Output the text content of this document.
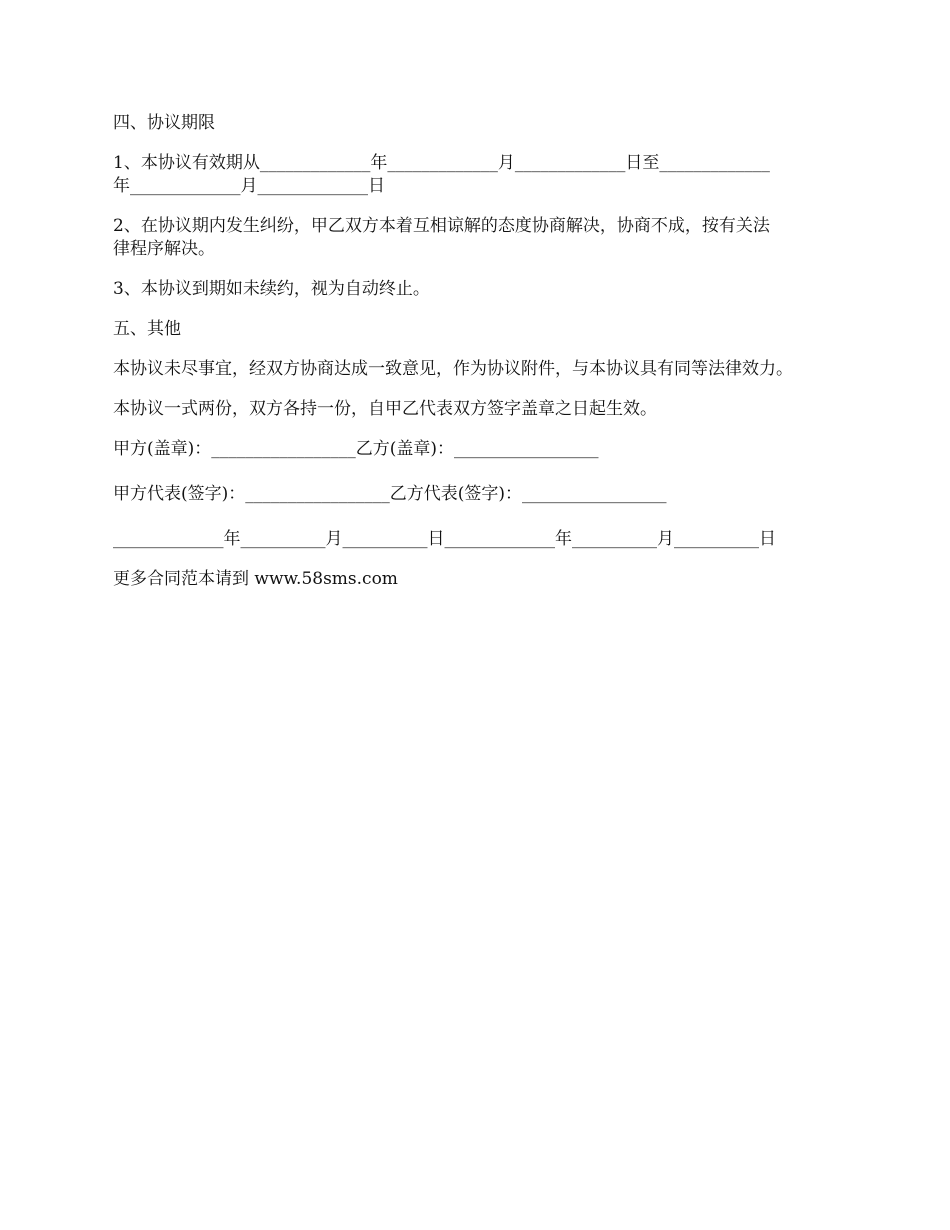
四、协议期限

1、本协议有效期从_____________年_____________月_____________日至_____________

年_____________月_____________日

2、在协议期内发生纠纷，甲乙双方本着互相谅解的态度协商解决，协商不成，按有关法

律程序解决。

3、本协议到期如未续约，视为自动终止。

五、其他

本协议未尽事宜，经双方协商达成一致意见，作为协议附件，与本协议具有同等法律效力。

本协议一式两份，双方各持一份，自甲乙代表双方签字盖章之日起生效。

甲方(盖章)：_________________乙方(盖章)：_________________

甲方代表(签字)：_________________乙方代表(签字)：_________________

_____________年__________月__________日_____________年__________月__________日

更多合同范本请到 www.58sms.com
